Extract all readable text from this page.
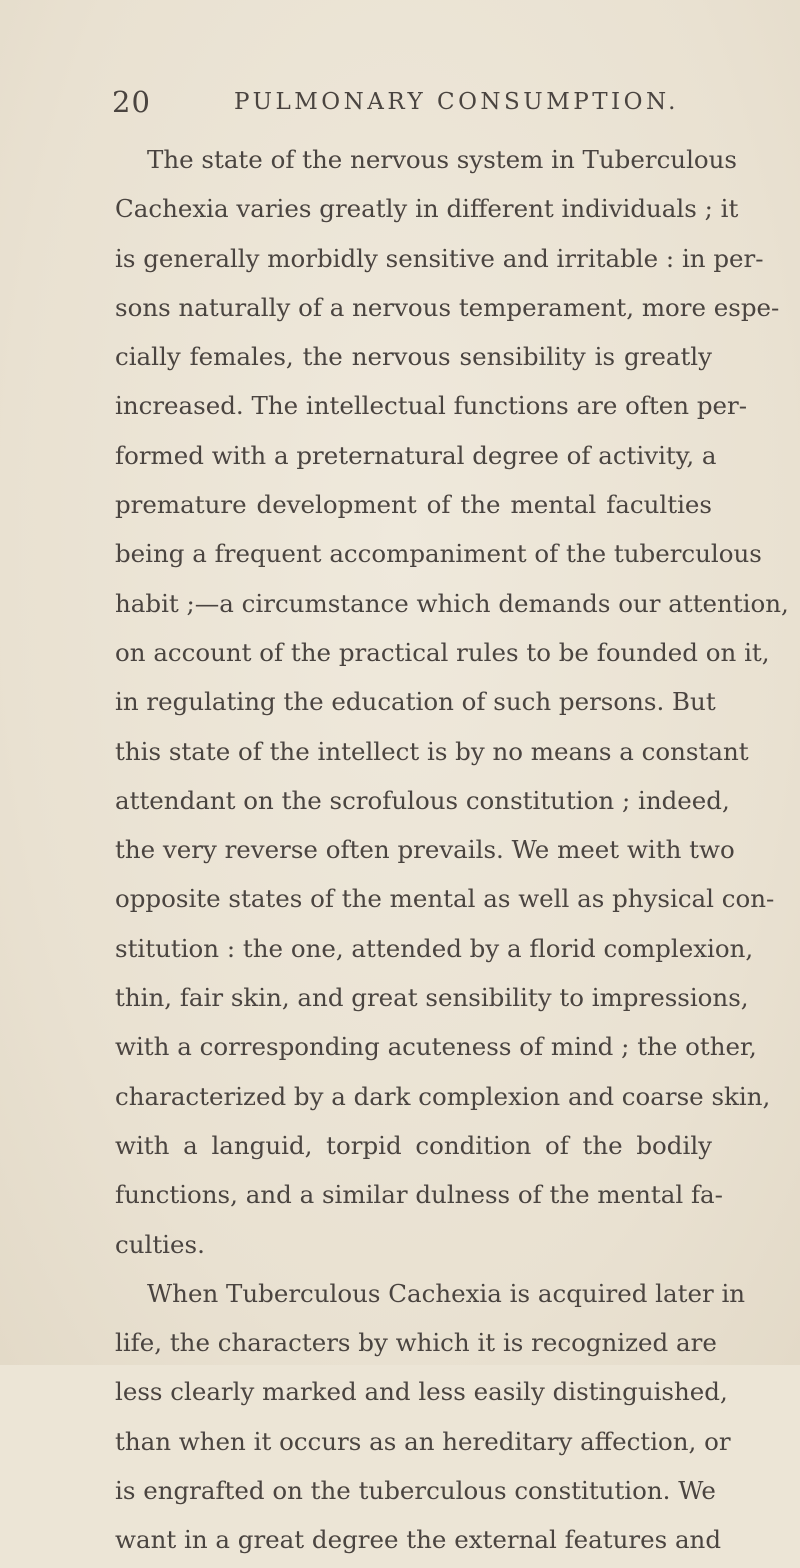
20	PULMONARY CONSUMPTION.
The state of the nervous system in Tuberculous
Cachexia varies greatly in different individuals ; it
is generally morbidly sensitive and irritable : in per-
sons naturally of a nervous temperament, more espe-
cially females, the nervous sensibility is greatly
increased. The intellectual functions are often per-
formed with a preternatural degree of activity, a
premature development of the mental faculties
being a frequent accompaniment of the tuberculous
habit ;—a circumstance which demands our attention,
on account of the practical rules to be founded on it,
in regulating the education of such persons. But
this state of the intellect is by no means a constant
attendant on the scrofulous constitution ; indeed,
the very reverse often prevails. We meet with two
opposite states of the mental as well as physical con-
stitution : the one, attended by a florid complexion,
thin, fair skin, and great sensibility to impressions,
with a corresponding acuteness of mind ; the other,
characterized by a dark complexion and coarse skin,
with a languid, torpid condition of the bodily
functions, and a similar dulness of the mental fa-
culties.
When Tuberculous Cachexia is acquired later in
life, the characters by which it is recognized are
less clearly marked and less easily distinguished,
than when it occurs as an hereditary affection, or
is engrafted on the tuberculous constitution. We
want in a great degree the external features and
